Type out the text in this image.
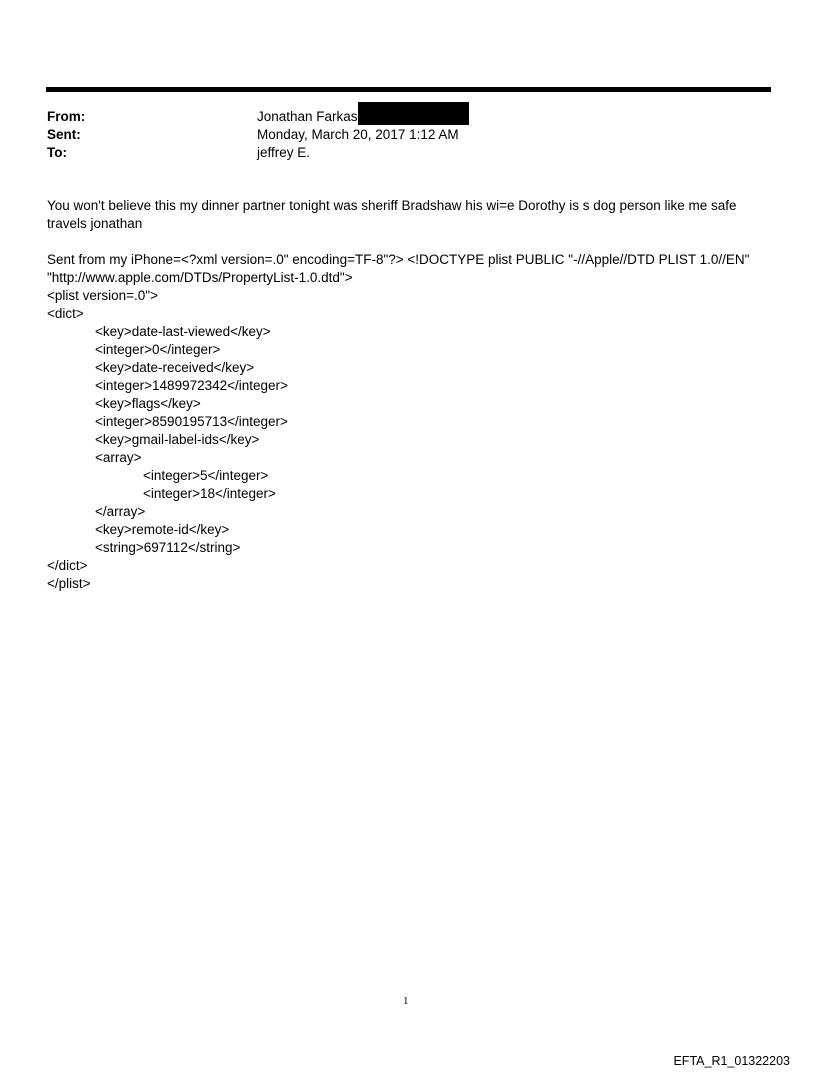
From:	Jonathan Farkas
Sent:	Monday, March 20, 2017 1:12 AM
To:	jeffrey E.
You won't believe this my dinner partner tonight was sheriff Bradshaw his wi=e Dorothy is s dog person like me safe travels jonathan
Sent from my iPhone=<?xml version=.0" encoding=TF-8"?> <!DOCTYPE plist PUBLIC "-//Apple//DTD PLIST 1.0//EN"
"http://www.apple.com/DTDs/PropertyList-1.0.dtd">
<plist version=.0">
<dict>
<key>date-last-viewed</key>
<integer>0</integer>
<key>date-received</key>
<integer>1489972342</integer>
<key>flags</key>
<integer>8590195713</integer>
<key>gmail-label-ids</key>
<array>
<integer>5</integer>
<integer>18</integer>
</array>
<key>remote-id</key>
<string>697112</string>
</dict>
</plist>
1
EFTA_R1_01322203
